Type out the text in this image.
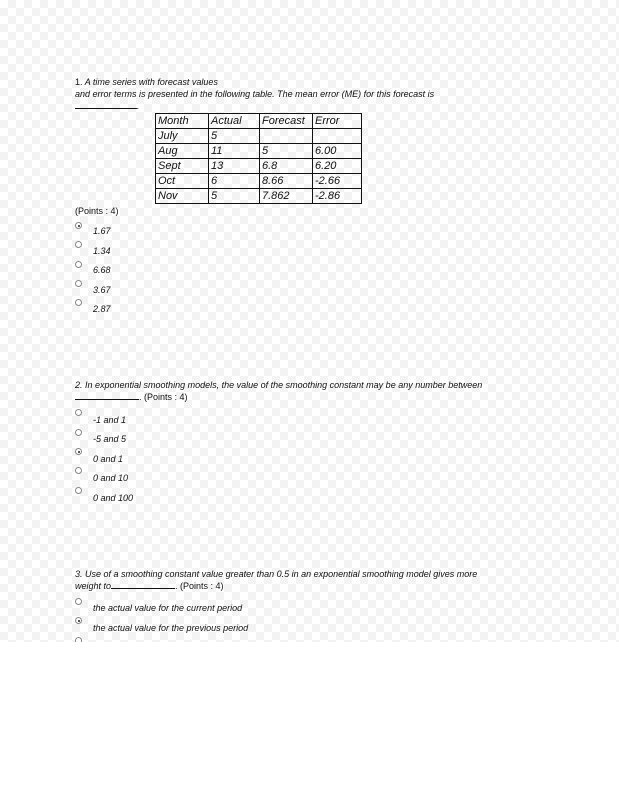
1. A time series with forecast values
and error terms is presented in the following table. The mean error (ME) for this forecast is
.
Month	Actual	Forecast	Error
July	5		
Aug	11	5	6.00
Sept	13	6.8	6.20
Oct	6	8.66	-2.66
Nov	5	7.862	-2.86
(Points : 4)
1.67
1.34
6.68
3.67
2.87
2. In exponential smoothing models, the value of the smoothing constant may be any number between
. (Points : 4)
-1 and 1
-5 and 5
0 and 1
0 and 10
0 and 100
3. Use of a smoothing constant value greater than 0.5 in an exponential smoothing model gives more
weight to	. (Points : 4)
the actual value for the current period
the actual value for the previous period
